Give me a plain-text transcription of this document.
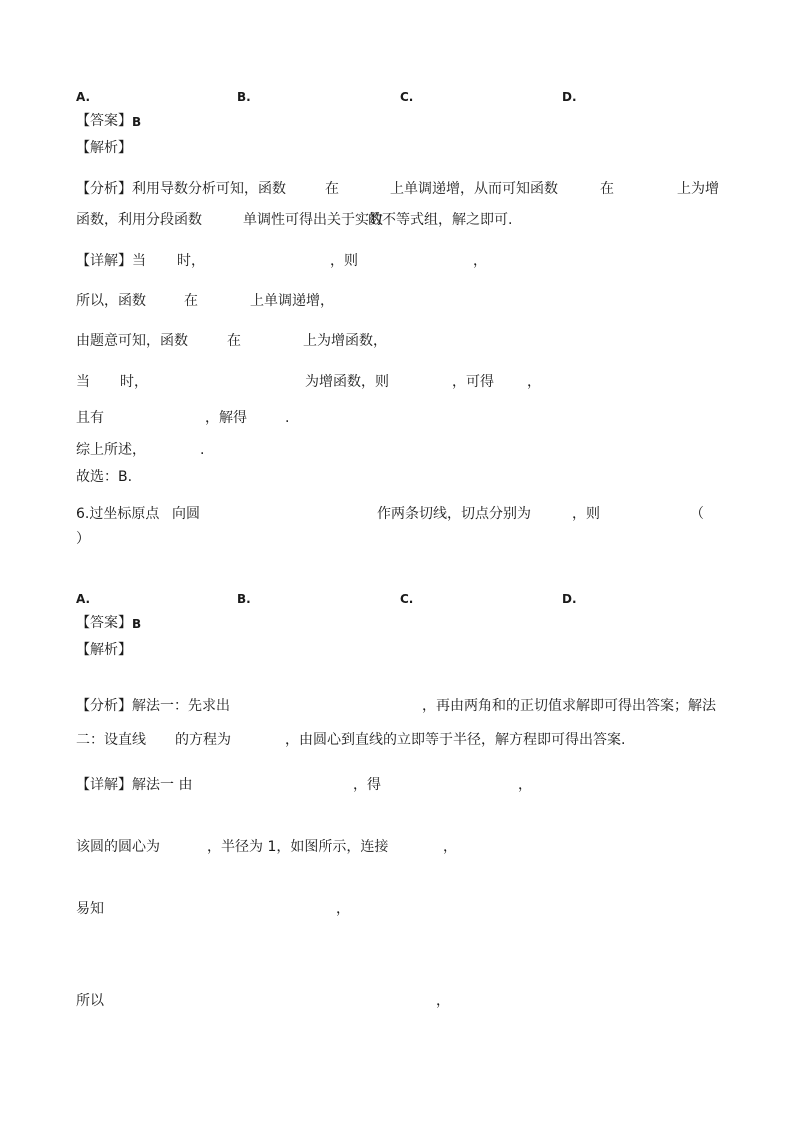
A.	B.	C.	D.
【答案】 B
【解析】
【分析】利用导数分析可知，函数	在	上单调递增，从而可知函数	在	上为增
函数，利用分段函数	单调性可得出关于实数
的不等式组，解之即可.
【详解】当 时，	，则	，
所以，函数	在	上单调递增，
由题意可知，函数	在	上为增函数，
当 时，	为增函数，则	，可得 ，
且有	，解得	.
综上所述，	.
故选：B.
6.过坐标原点 向圆	作两条切线，切点分别为	，则	（
）
A.	B.	C.	D.
【答案】 B
【解析】
【分析】解法一：先求出	，再由两角和的正切值求解即可得出答案；解法
二：设直线 的方程为	，由圆心到直线的立即等于半径，解方程即可得出答案.
【详解】解法一 由	，得	，
该圆的圆心为	，半径为 1，如图所示，连接	，
易知	，
所以	，
